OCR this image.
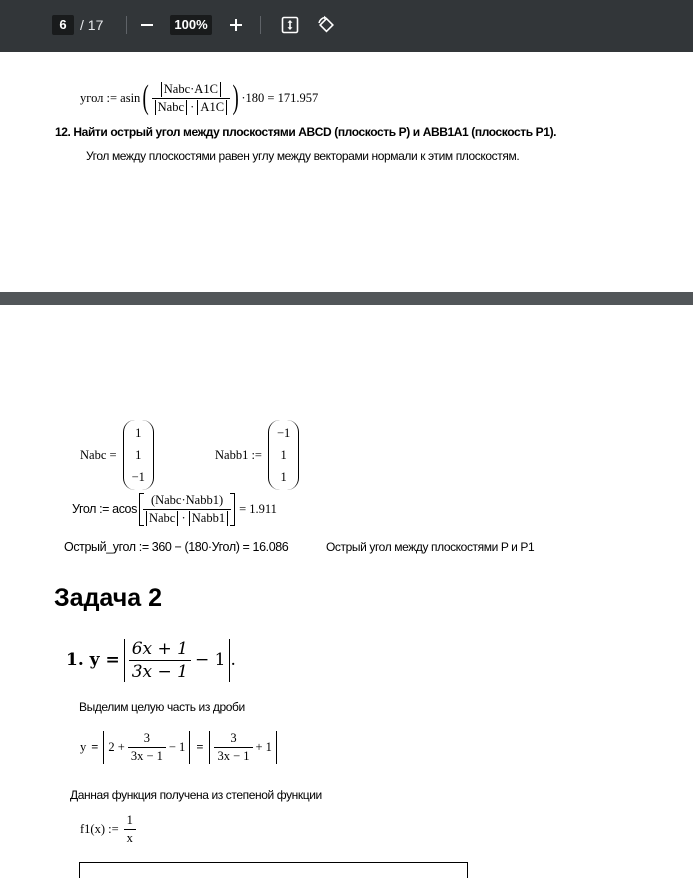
6 / 17	100%
угол := asin ( $\frac{\text{Nabc·A1C}}{\text{Nabc · A1C}}$ ) ·180 = 171.957
12. Найти острый угол между плоскостями ABCD (плоскость P) и ABB1A1 (плоскость P1).
Угол между плоскостями равен углу между векторами нормали к этим плоскостям.
Nabc =
1
1
−1
Nabb1 :=
−1
1
1
Угол := acos $\frac{\text{(Nabc·Nabb1)}}{\text{Nabc · Nabb1}} = 1.911$
Острый_угол := 360 − (180·Угол) = 16.086	Острый угол между плоскостями P и P1
Задача 2
1. $y = \frac{6x + 1}{3x - 1} - 1$ .
Выделим целую часть из дроби
$y = 2 + \frac{3}{3x - 1} - 1 = \frac{3}{3x - 1} + 1$
Данная функция получена из степеной функции
f1(x) := $\frac{1}{x}$
